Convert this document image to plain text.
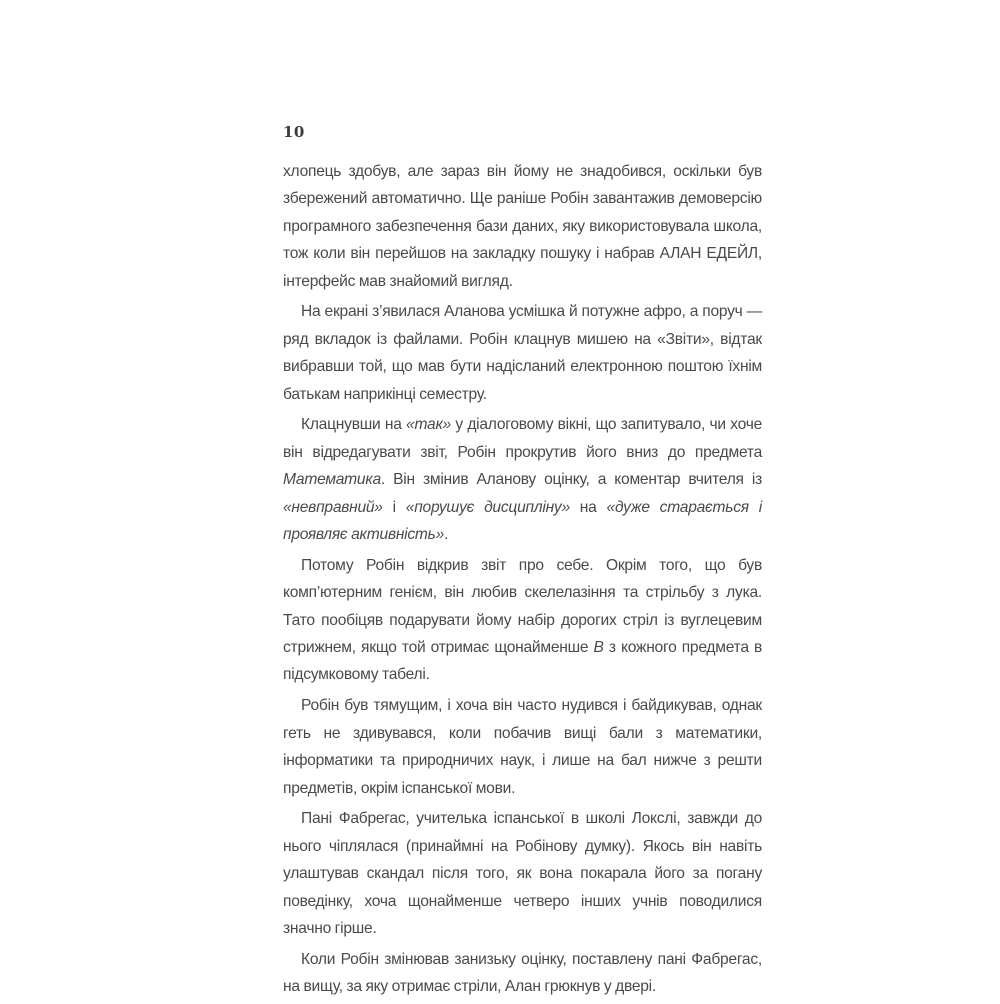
10

хлопець здобув, але зараз він йому не знадобився, оскільки був збережений автоматично. Ще раніше Робін завантажив демоверсію програмного забезпечення бази даних, яку використовувала школа, тож коли він перейшов на закладку пошуку і набрав АЛАН ЕДЕЙЛ, інтерфейс мав знайомий вигляд.

На екрані з’явилася Аланова усмішка й потужне афро, а поруч — ряд вкладок із файлами. Робін клацнув мишею на «Звіти», відтак вибравши той, що мав бути надісланий електронною поштою їхнім батькам наприкінці семестру.

Клацнувши на «так» у діалоговому вікні, що запитувало, чи хоче він відредагувати звіт, Робін прокрутив його вниз до предмета Математика. Він змінив Аланову оцінку, а коментар вчителя із «невправний» і «порушує дисципліну» на «дуже старається і проявляє активність».

Потому Робін відкрив звіт про себе. Окрім того, що був комп’ютерним генієм, він любив скелелазіння та стрільбу з лука. Тато пообіцяв подарувати йому набір дорогих стріл із вуглецевим стрижнем, якщо той отримає щонайменше B з кожного предмета в підсумковому табелі.

Робін був тямущим, і хоча він часто нудився і байдикував, однак геть не здивувався, коли побачив вищі бали з математики, інформатики та природничих наук, і лише на бал нижче з решти предметів, окрім іспанської мови.

Пані Фабрегас, учителька іспанської в школі Локслі, завжди до нього чіплялася (принаймні на Робінову думку). Якось він навіть улаштував скандал після того, як вона покарала його за погану поведінку, хоча щонайменше четверо інших учнів поводилися значно гірше.

Коли Робін змінював занизьку оцінку, поставлену пані Фабрегас, на вищу, за яку отримає стріли, Алан грюкнув у двері.
